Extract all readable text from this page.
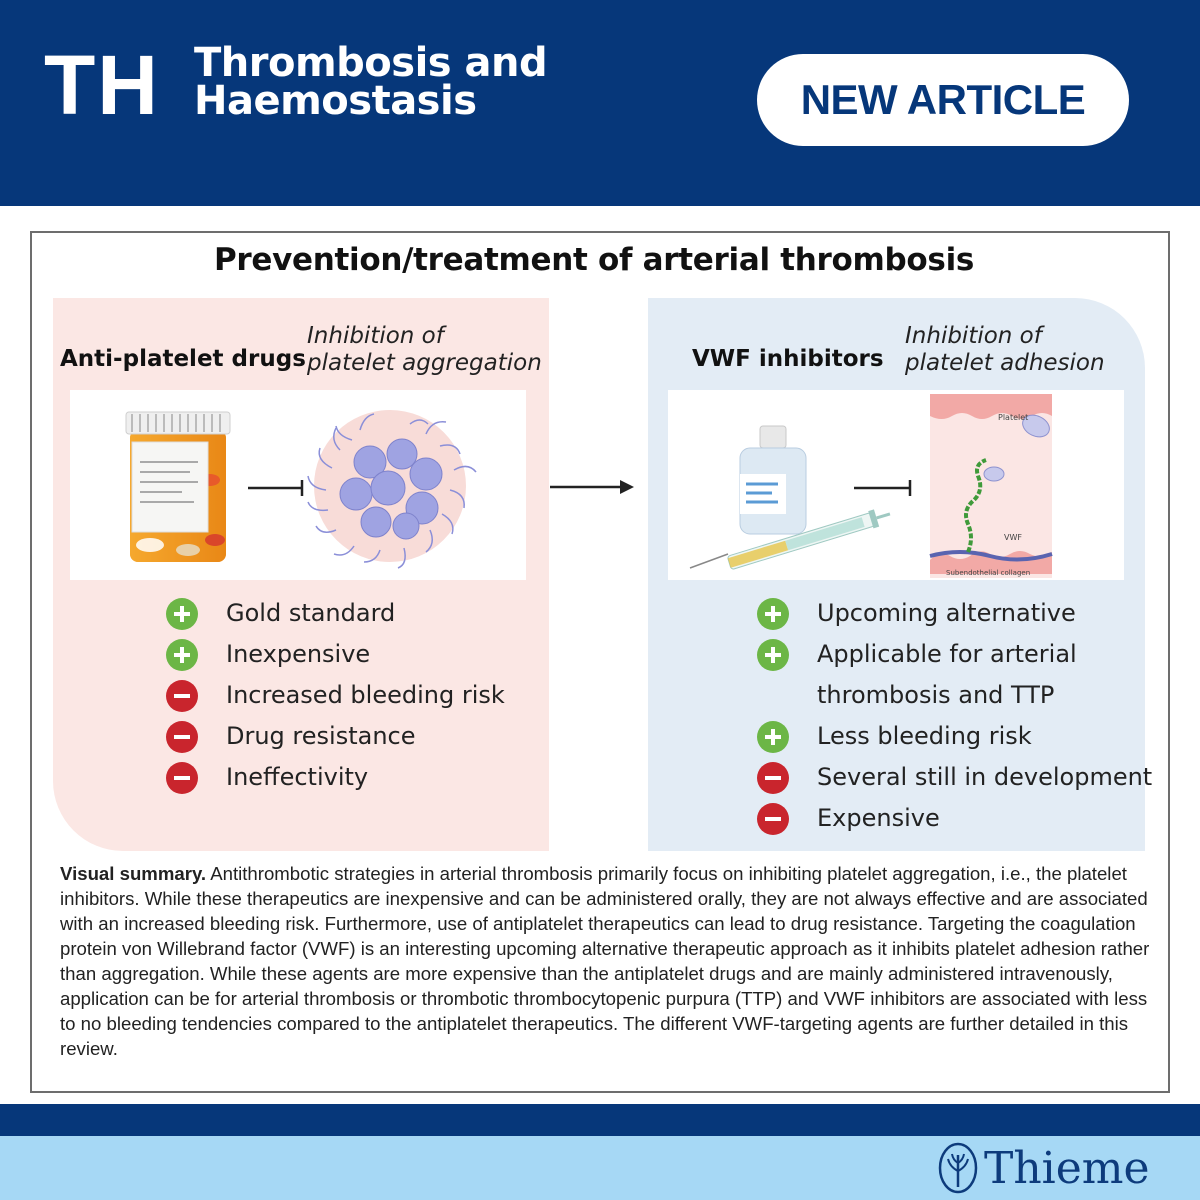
TH Thrombosis and
Haemostasis	NEW ARTICLE
Prevention/treatment of arterial thrombosis
Anti-platelet drugs
Inhibition of
platelet aggregation	VWF inhibitors
Inhibition of
platelet adhesion
Platelet
VWF
Subendothelial collagen
Gold standard
Inexpensive
Increased bleeding risk
Drug resistance
Ineffectivity
Upcoming alternative
Applicable for arterial
thrombosis and TTP
Less bleeding risk
Several still in development
Expensive
Visual summary. Antithrombotic strategies in arterial thrombosis primarily focus on inhibiting platelet aggregation, i.e., the platelet inhibitors. While these therapeutics are inexpensive and can be administered orally, they are not always effective and are associated with an increased bleeding risk. Furthermore, use of antiplatelet therapeutics can lead to drug resistance. Targeting the coagulation protein von Willebrand factor (VWF) is an interesting upcoming alternative therapeutic approach as it inhibits platelet adhesion rather than aggregation. While these agents are more expensive than the antiplatelet drugs and are mainly administered intravenously, application can be for arterial thrombosis or thrombotic thrombocytopenic purpura (TTP) and VWF inhibitors are associated with less to no bleeding tendencies compared to the antiplatelet therapeutics. The different VWF-targeting agents are further detailed in this review.
Thieme
